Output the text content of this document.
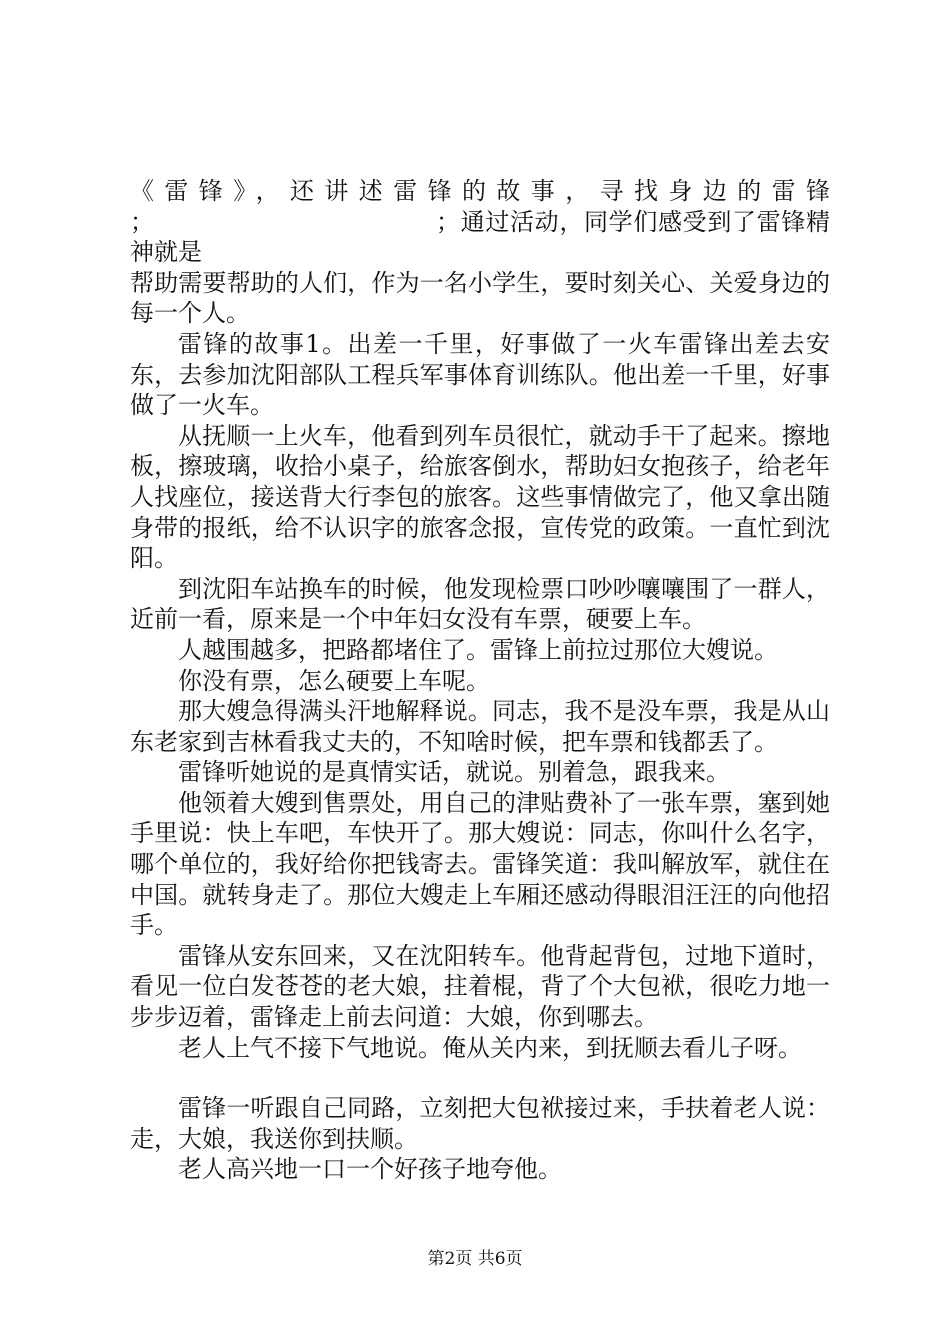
《雷锋》，还讲述雷锋的故事，寻找身边的雷锋
；	；通过活动，同学们感受到了雷锋精神就是
帮助需要帮助的人们，作为一名小学生，要时刻关心、关爱身边的每一个人。

雷锋的故事1。出差一千里，好事做了一火车雷锋出差去安东，去参加沈阳部队工程兵军事体育训练队。他出差一千里，好事做了一火车。

从抚顺一上火车，他看到列车员很忙，就动手干了起来。擦地板，擦玻璃，收拾小桌子，给旅客倒水，帮助妇女抱孩子，给老年人找座位，接送背大行李包的旅客。这些事情做完了，他又拿出随身带的报纸，给不认识字的旅客念报，宣传党的政策。一直忙到沈阳。

到沈阳车站换车的时候，他发现检票口吵吵嚷嚷围了一群人，近前一看，原来是一个中年妇女没有车票，硬要上车。

人越围越多，把路都堵住了。雷锋上前拉过那位大嫂说。

你没有票，怎么硬要上车呢。

那大嫂急得满头汗地解释说。同志，我不是没车票，我是从山东老家到吉林看我丈夫的，不知啥时候，把车票和钱都丢了。

雷锋听她说的是真情实话，就说。别着急，跟我来。

他领着大嫂到售票处，用自己的津贴费补了一张车票，塞到她手里说：快上车吧，车快开了。那大嫂说：同志，你叫什么名字，哪个单位的，我好给你把钱寄去。雷锋笑道：我叫解放军，就住在中国。就转身走了。那位大嫂走上车厢还感动得眼泪汪汪的向他招手。

雷锋从安东回来，又在沈阳转车。他背起背包，过地下道时，看见一位白发苍苍的老大娘，拄着棍，背了个大包袱，很吃力地一步步迈着，雷锋走上前去问道：大娘，你到哪去。

老人上气不接下气地说。俺从关内来，到抚顺去看儿子呀。

雷锋一听跟自己同路，立刻把大包袱接过来，手扶着老人说：走，大娘，我送你到扶顺。

老人高兴地一口一个好孩子地夸他。

第2页 共6页
